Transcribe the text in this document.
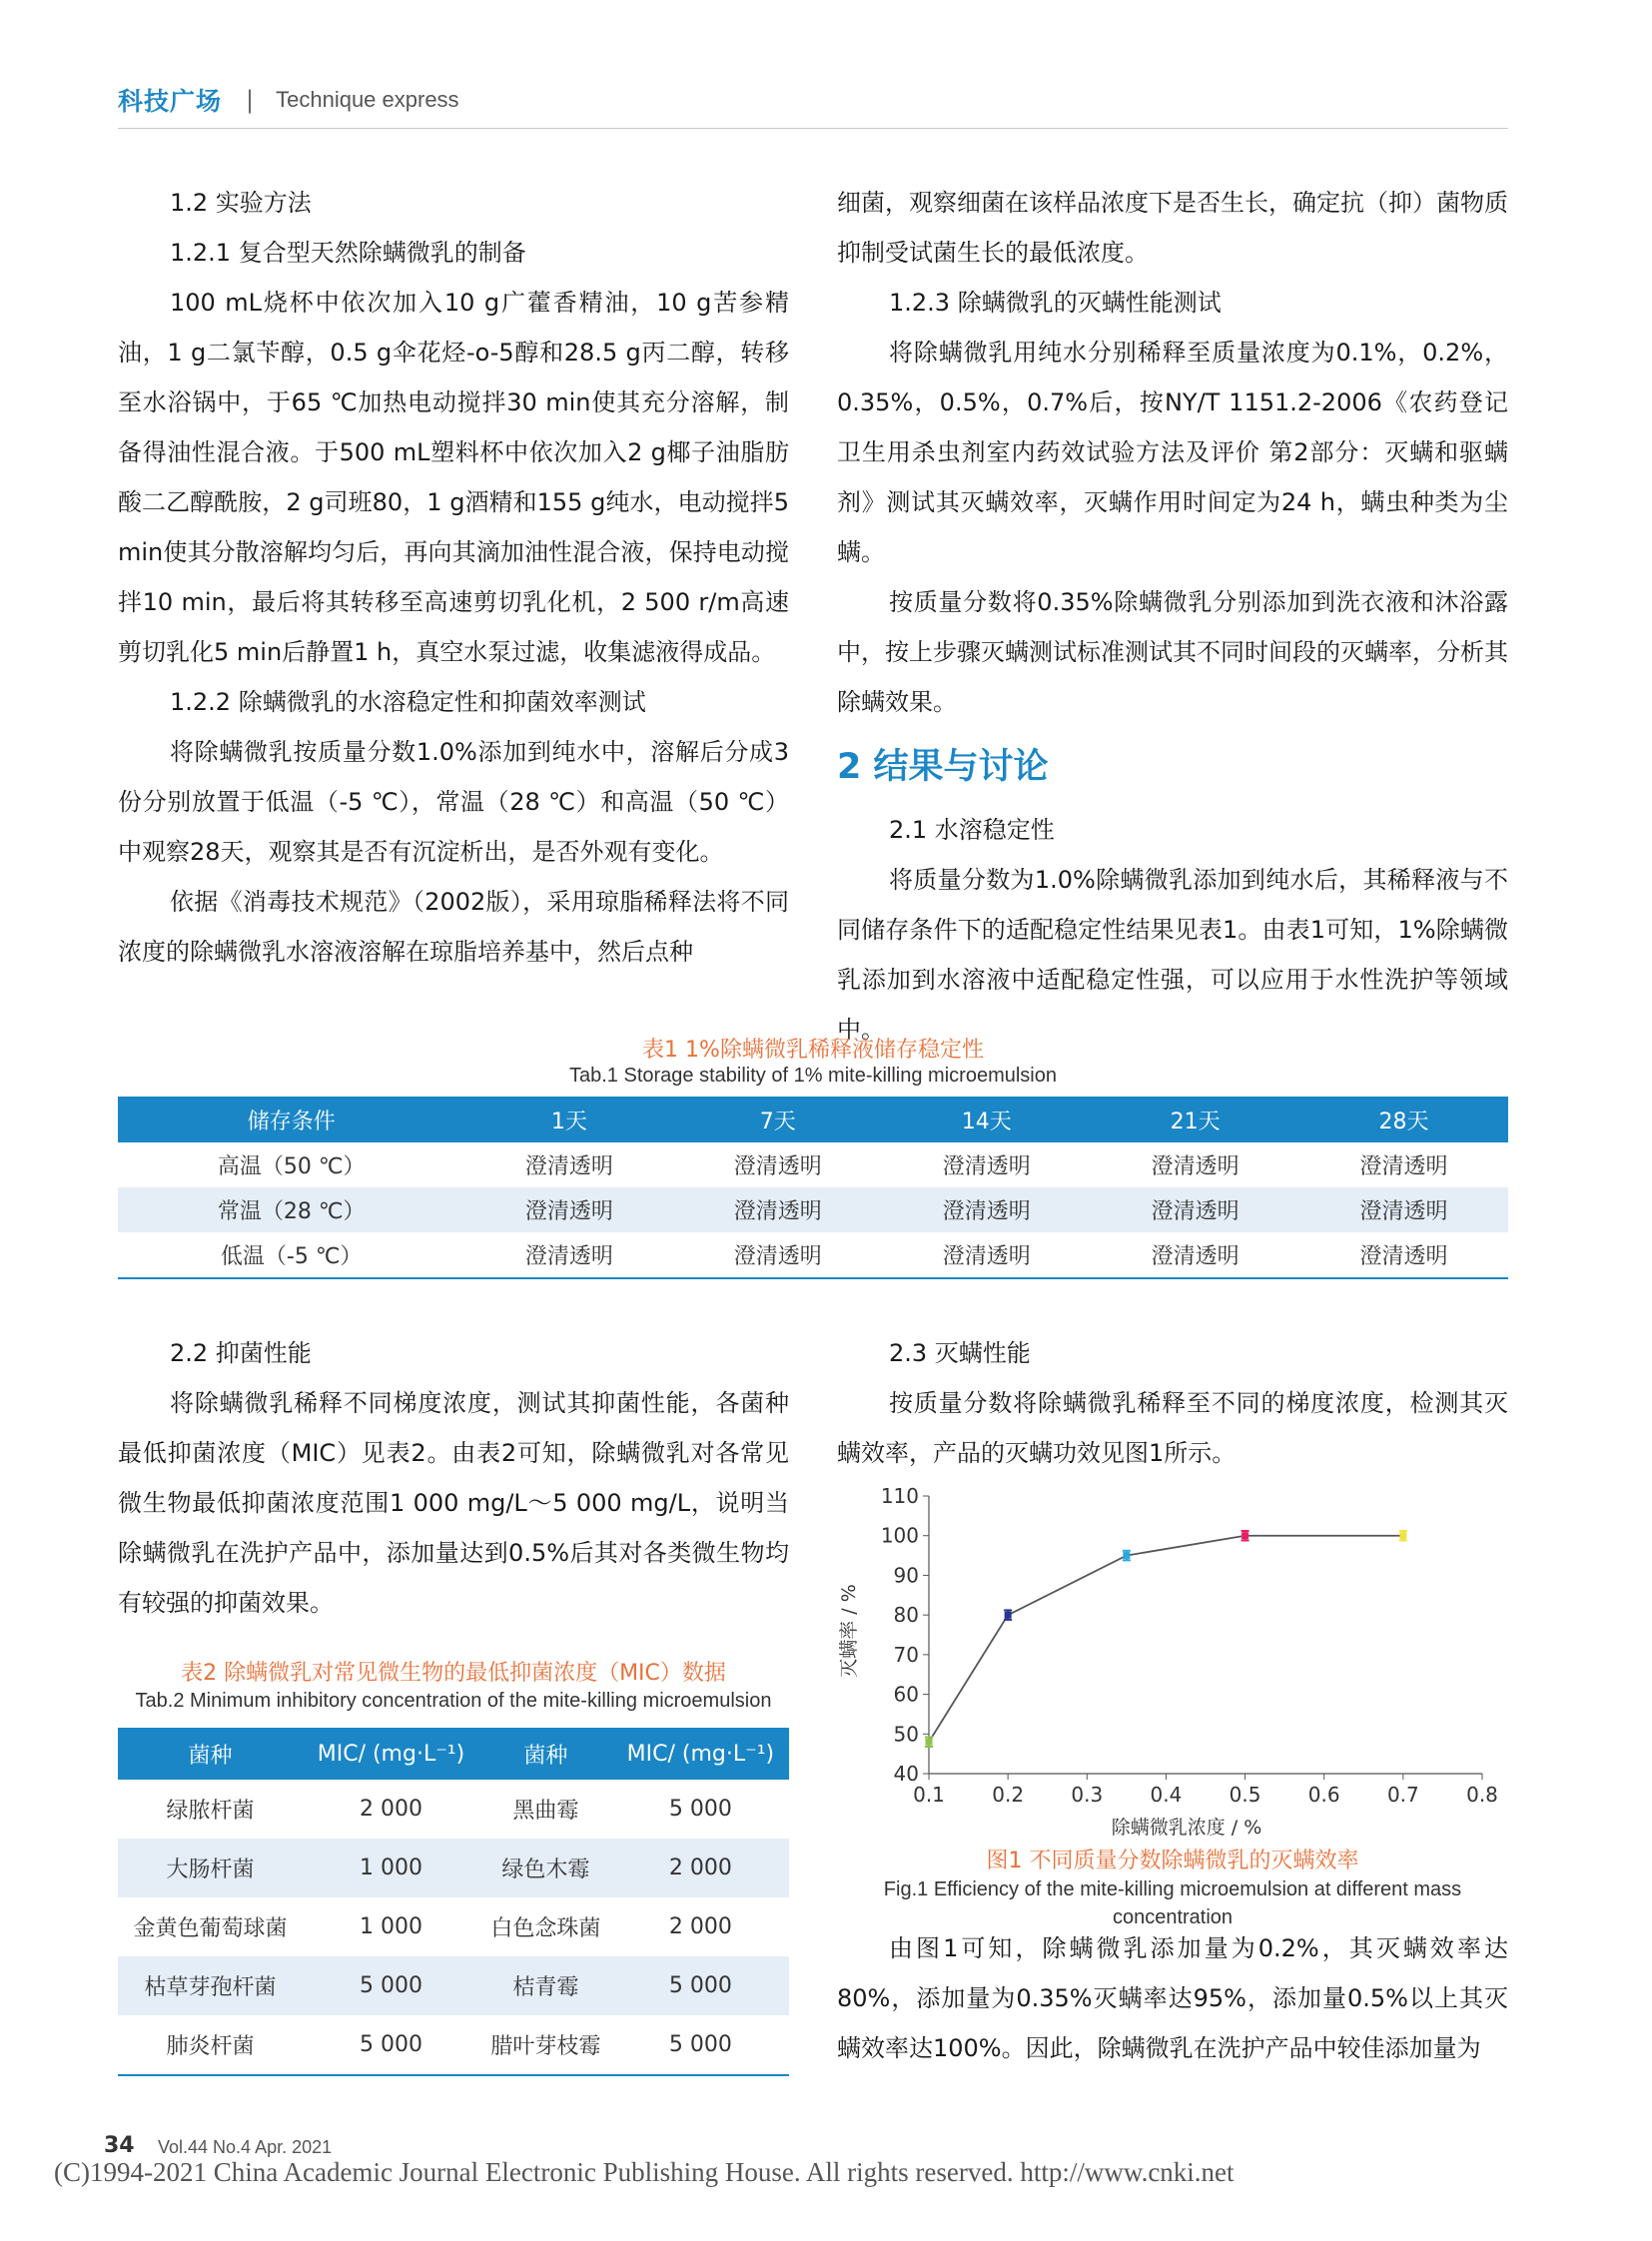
科技广场 | Technique express

1.2 实验方法

1.2.1 复合型天然除螨微乳的制备

100 mL烧杯中依次加入10 g广藿香精油，10 g苦参精油，1 g二氯苄醇，0.5 g伞花烃-o-5醇和28.5 g丙二醇，转移至水浴锅中，于65 ℃加热电动搅拌30 min使其充分溶解，制备得油性混合液。于500 mL塑料杯中依次加入2 g椰子油脂肪酸二乙醇酰胺，2 g司班80，1 g酒精和155 g纯水，电动搅拌5 min使其分散溶解均匀后，再向其滴加油性混合液，保持电动搅拌10 min，最后将其转移至高速剪切乳化机，2 500 r/m高速剪切乳化5 min后静置1 h，真空水泵过滤，收集滤液得成品。

1.2.2 除螨微乳的水溶稳定性和抑菌效率测试

将除螨微乳按质量分数1.0%添加到纯水中，溶解后分成3份分别放置于低温（-5 ℃），常温（28 ℃）和高温（50 ℃）中观察28天，观察其是否有沉淀析出，是否外观有变化。

依据《消毒技术规范》（2002版），采用琼脂稀释法将不同浓度的除螨微乳水溶液溶解在琼脂培养基中，然后点种

细菌，观察细菌在该样品浓度下是否生长，确定抗（抑）菌物质抑制受试菌生长的最低浓度。

1.2.3 除螨微乳的灭螨性能测试

将除螨微乳用纯水分别稀释至质量浓度为0.1%，0.2%，0.35%，0.5%，0.7%后，按NY/T 1151.2-2006《农药登记卫生用杀虫剂室内药效试验方法及评价 第2部分：灭螨和驱螨剂》测试其灭螨效率，灭螨作用时间定为24 h，螨虫种类为尘螨。

按质量分数将0.35%除螨微乳分别添加到洗衣液和沐浴露中，按上步骤灭螨测试标准测试其不同时间段的灭螨率，分析其除螨效果。

2 结果与讨论

2.1 水溶稳定性

将质量分数为1.0%除螨微乳添加到纯水后，其稀释液与不同储存条件下的适配稳定性结果见表1。由表1可知，1%除螨微乳添加到水溶液中适配稳定性强，可以应用于水性洗护等领域中。

表1 1%除螨微乳稀释液储存稳定性
Tab.1 Storage stability of 1% mite-killing microemulsion
储存条件	1天	7天	14天	21天	28天
高温（50 ℃）	澄清透明	澄清透明	澄清透明	澄清透明	澄清透明
常温（28 ℃）	澄清透明	澄清透明	澄清透明	澄清透明	澄清透明
低温（-5 ℃）	澄清透明	澄清透明	澄清透明	澄清透明	澄清透明

2.2 抑菌性能

将除螨微乳稀释不同梯度浓度，测试其抑菌性能，各菌种最低抑菌浓度（MIC）见表2。由表2可知，除螨微乳对各常见微生物最低抑菌浓度范围1 000 mg/L～5 000 mg/L，说明当除螨微乳在洗护产品中，添加量达到0.5%后其对各类微生物均有较强的抑菌效果。

表2 除螨微乳对常见微生物的最低抑菌浓度（MIC）数据
Tab.2 Minimum inhibitory concentration of the mite-killing microemulsion
菌种	MIC/ (mg·L⁻¹)	菌种	MIC/ (mg·L⁻¹)
绿脓杆菌	2 000	黑曲霉	5 000
大肠杆菌	1 000	绿色木霉	2 000
金黄色葡萄球菌	1 000	白色念珠菌	2 000
枯草芽孢杆菌	5 000	桔青霉	5 000
肺炎杆菌	5 000	腊叶芽枝霉	5 000

2.3 灭螨性能

按质量分数将除螨微乳稀释至不同的梯度浓度，检测其灭螨效率，产品的灭螨功效见图1所示。

40
50
60
70
80
90
100
110
0.1 0.2 0.3 0.4 0.5 0.6 0.7 0.8
除螨微乳浓度 / %
灭螨率 / %
图1 不同质量分数除螨微乳的灭螨效率
Fig.1 Efficiency of the mite-killing microemulsion at different mass
concentration

由图1可知，除螨微乳添加量为0.2%，其灭螨效率达80%，添加量为0.35%灭螨率达95%，添加量0.5%以上其灭螨效率达100%。因此，除螨微乳在洗护产品中较佳添加量为

34 Vol.44 No.4 Apr. 2021
(C)1994-2021 China Academic Journal Electronic Publishing House. All rights reserved. http://www.cnki.net
